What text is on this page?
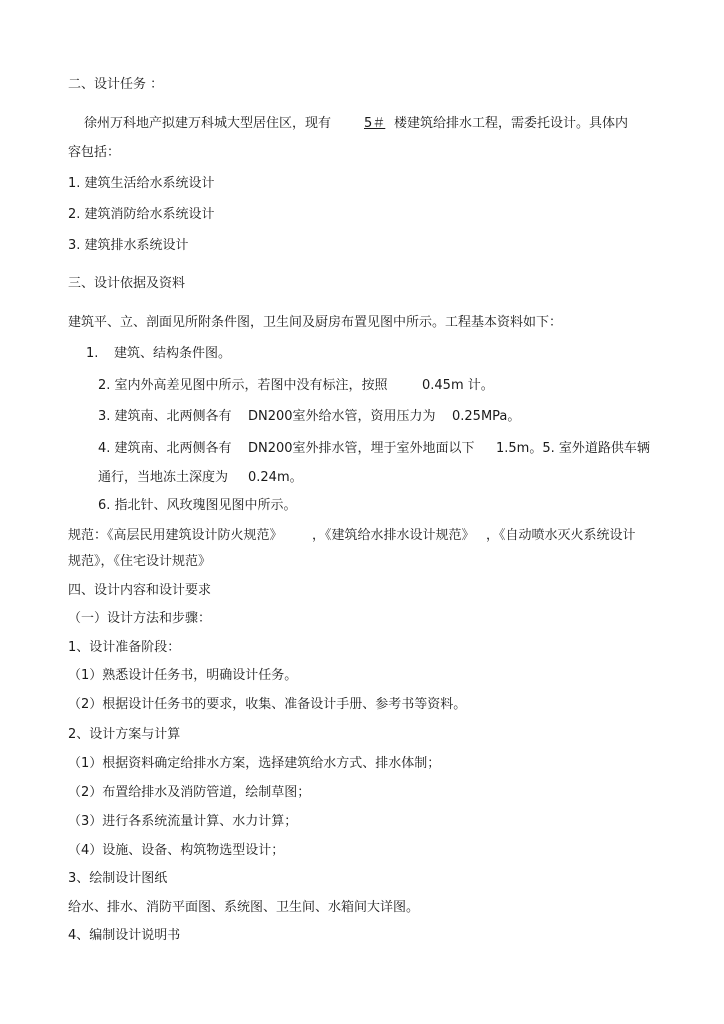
二、设计任务 ：
徐州万科地产拟建万科城大型居住区，现有	5＃ 楼建筑给排水工程，需委托设计。具体内
容包括：
1. 建筑生活给水系统设计
2. 建筑消防给水系统设计
3. 建筑排水系统设计
三、设计依据及资料
建筑平、立、剖面见所附条件图，卫生间及厨房布置见图中所示。工程基本资料如下：
1. 建筑、结构条件图。
2. 室内外高差见图中所示，若图中没有标注，按照	0.45m 计。
3. 建筑南、北两侧各有 DN200室外给水管，资用压力为 0.25MPa。
4. 建筑南、北两侧各有 DN200室外排水管，埋于室外地面以下 1.5m。5. 室外道路供车辆
通行，当地冻土深度为 0.24m。
6. 指北针、风玫瑰图见图中所示。
规范：《高层民用建筑设计防火规范》 ，《建筑给水排水设计规范》 ，《自动喷水灭火系统设计
规范》，《住宅设计规范》
四、设计内容和设计要求
（一）设计方法和步骤：
1、设计准备阶段：
（1）熟悉设计任务书，明确设计任务。
（2）根据设计任务书的要求，收集、准备设计手册、参考书等资料。
2、设计方案与计算
（1）根据资料确定给排水方案，选择建筑给水方式、排水体制；
（2）布置给排水及消防管道，绘制草图；
（3）进行各系统流量计算、水力计算；
（4）设施、设备、构筑物选型设计；
3、绘制设计图纸
给水、排水、消防平面图、系统图、卫生间、水箱间大详图。
4、编制设计说明书
